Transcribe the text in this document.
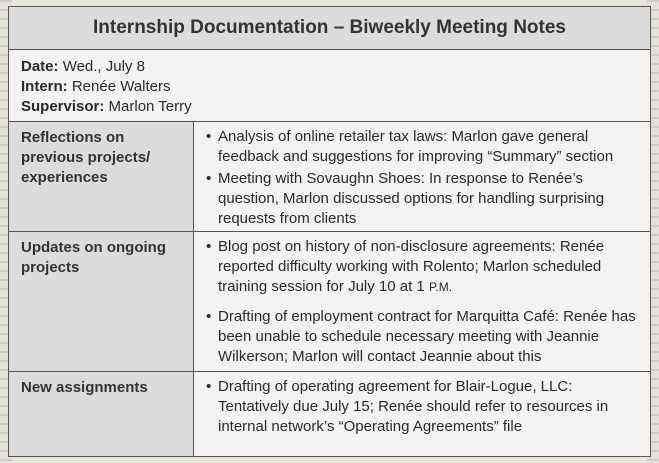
Internship Documentation – Biweekly Meeting Notes
Date: Wed., July 8
Intern: Renée Walters
Supervisor: Marlon Terry
Reflections on previous projects/ experiences
• Analysis of online retailer tax laws: Marlon gave general feedback and suggestions for improving “Summary” section
• Meeting with Sovaughn Shoes: In response to Renée’s question, Marlon discussed options for handling surprising requests from clients
Updates on ongoing projects
• Blog post on history of non-disclosure agreements: Renée reported difficulty working with Rolento; Marlon scheduled training session for July 10 at 1 P.M.
• Drafting of employment contract for Marquitta Café: Renée has been unable to schedule necessary meeting with Jeannie Wilkerson; Marlon will contact Jeannie about this
New assignments	• Drafting of operating agreement for Blair-Logue, LLC: Tentatively due July 15; Renée should refer to resources in internal network’s “Operating Agreements” file
